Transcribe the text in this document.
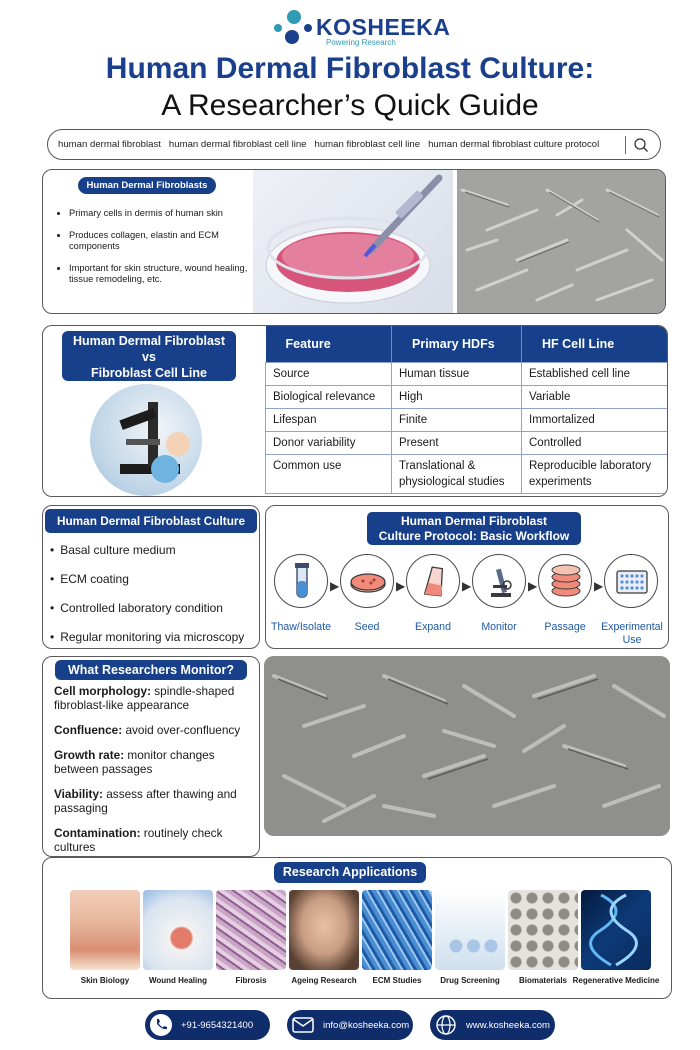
KOSHEEKA
Powering Research
Human Dermal Fibroblast Culture:
A Researcher’s Quick Guide
human dermal fibroblast human dermal fibroblast cell line human fibroblast cell line human dermal fibroblast culture protocol
Human Dermal Fibroblasts
• Primary cells in dermis of human skin
• Produces collagen, elastin and ECM components
• Important for skin structure, wound healing, tissue remodeling, etc.
Human Dermal Fibroblast
vs
Fibroblast Cell Line
Feature	Primary HDFs	HF Cell Line
Source	Human tissue	Established cell line
Biological relevance	High	Variable
Lifespan	Finite	Immortalized
Donor variability	Present	Controlled
Common use	Translational & physiological studies	Reproducible laboratory experiments
Human Dermal Fibroblast Culture
• Basal culture medium
• ECM coating
• Controlled laboratory condition
• Regular monitoring via microscopy
Human Dermal Fibroblast
Culture Protocol: Basic Workflow
▶	▶	▶	▶	▶
Thaw/Isolate	Seed	Expand	Monitor	Passage	Experimental Use
What Researchers Monitor?
Cell morphology: spindle-shaped fibroblast-like appearance
Confluence: avoid over-confluency
Growth rate: monitor changes between passages
Viability: assess after thawing and passaging
Contamination: routinely check cultures
Research Applications
Skin Biology	Wound Healing	Fibrosis	Ageing Research	ECM Studies	Drug Screening	Biomaterials Regenerative Medicine
+91-9654321400	info@kosheeka.com	www.kosheeka.com
